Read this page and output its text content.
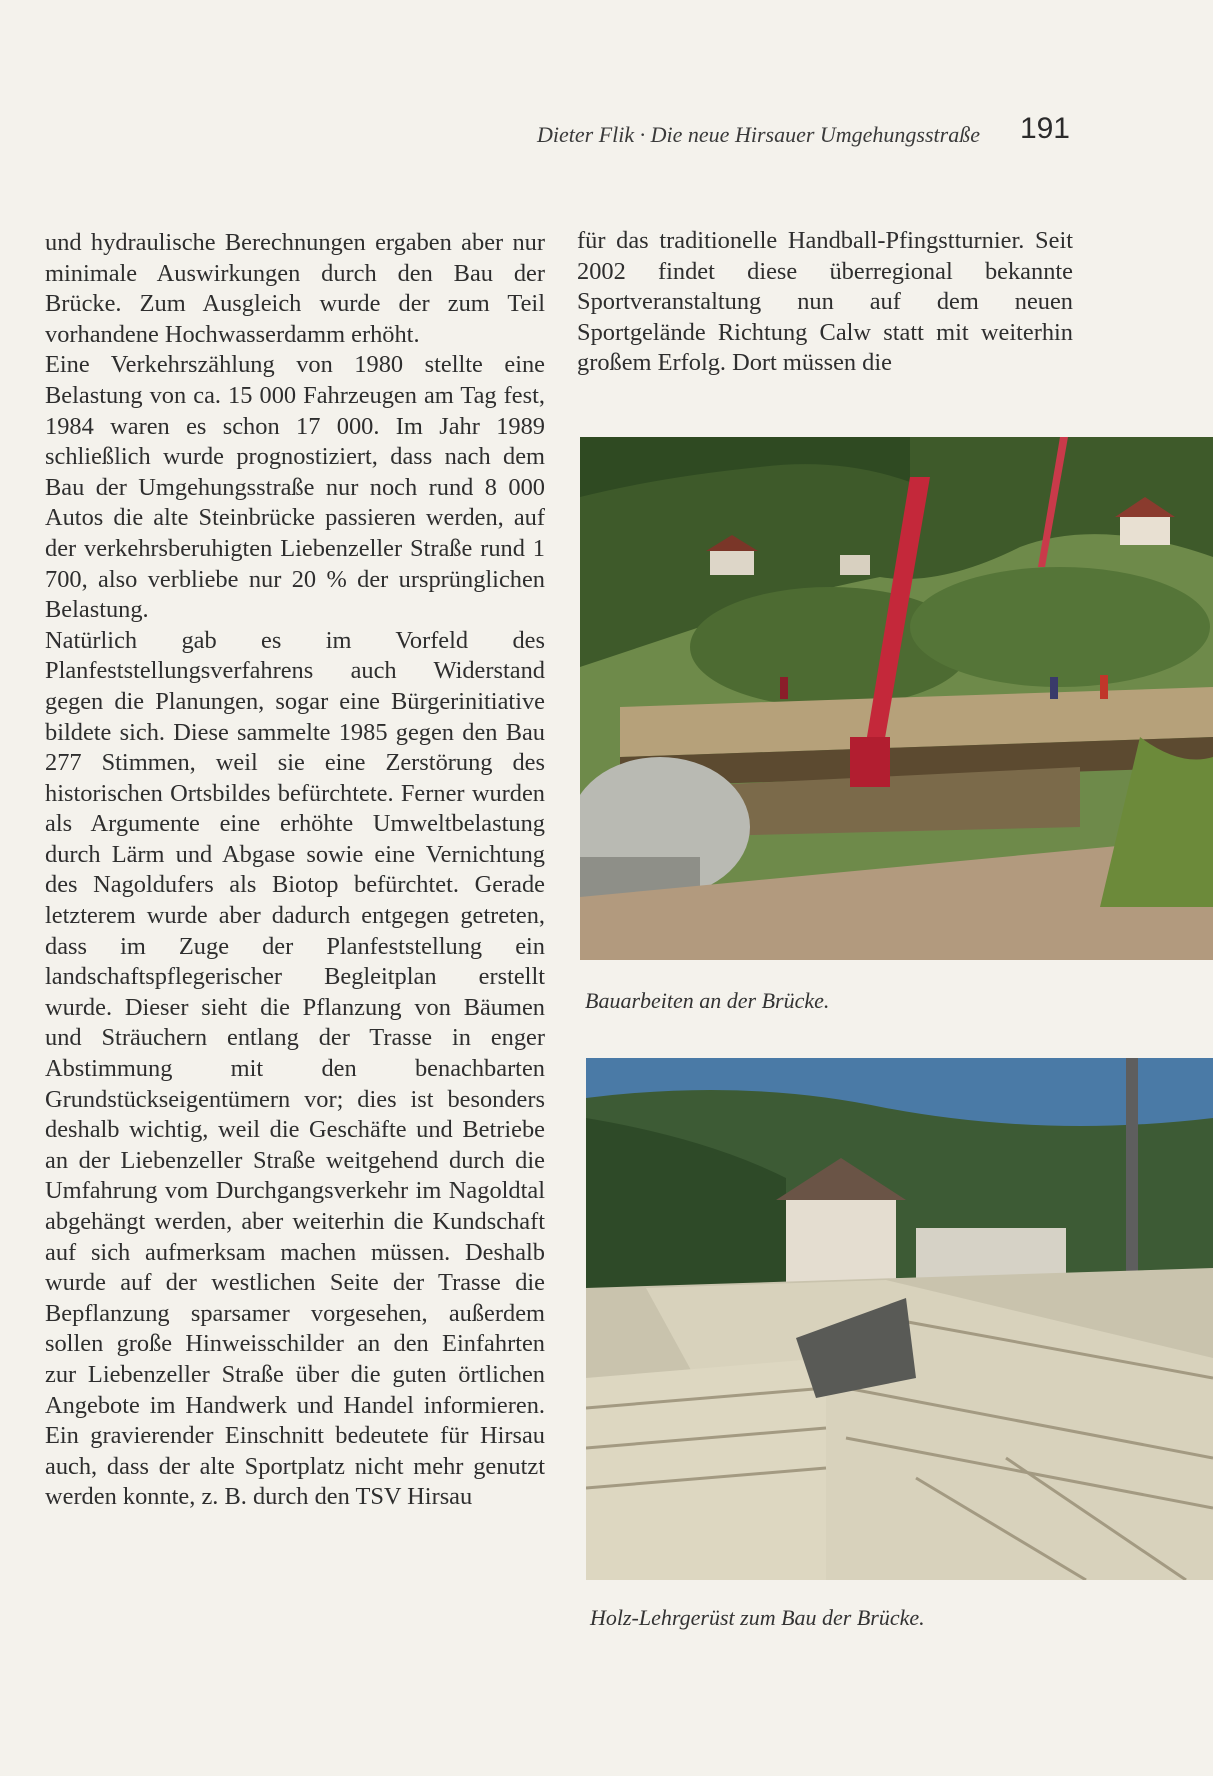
Dieter Flik · Die neue Hirsauer Umgehungsstraße 191

und hydraulische Berechnungen ergaben aber nur minimale Auswirkungen durch den Bau der Brücke. Zum Ausgleich wurde der zum Teil vorhandene Hochwasserdamm erhöht.

Eine Verkehrszählung von 1980 stellte eine Belastung von ca. 15 000 Fahrzeugen am Tag fest, 1984 waren es schon 17 000. Im Jahr 1989 schließlich wurde prognostiziert, dass nach dem Bau der Umgehungsstraße nur noch rund 8 000 Autos die alte Steinbrücke passieren werden, auf der verkehrsberuhigten Liebenzeller Straße rund 1 700, also verbliebe nur 20 % der ursprünglichen Belastung.

Natürlich gab es im Vorfeld des Planfeststellungsverfahrens auch Widerstand gegen die Planungen, sogar eine Bürgerinitiative bildete sich. Diese sammelte 1985 gegen den Bau 277 Stimmen, weil sie eine Zerstörung des historischen Ortsbildes befürchtete. Ferner wurden als Argumente eine erhöhte Umweltbelastung durch Lärm und Abgase sowie eine Vernichtung des Nagoldufers als Biotop befürchtet. Gerade letzterem wurde aber dadurch entgegen getreten, dass im Zuge der Planfeststellung ein landschaftspflegerischer Begleitplan erstellt wurde. Dieser sieht die Pflanzung von Bäumen und Sträuchern entlang der Trasse in enger Abstimmung mit den benachbarten Grundstückseigentümern vor; dies ist besonders deshalb wichtig, weil die Geschäfte und Betriebe an der Liebenzeller Straße weitgehend durch die Umfahrung vom Durchgangsverkehr im Nagoldtal abgehängt werden, aber weiterhin die Kundschaft auf sich aufmerksam machen müssen. Deshalb wurde auf der westlichen Seite der Trasse die Bepflanzung sparsamer vorgesehen, außerdem sollen große Hinweisschilder an den Einfahrten zur Liebenzeller Straße über die guten örtlichen Angebote im Handwerk und Handel informieren. Ein gravierender Einschnitt bedeutete für Hirsau auch, dass der alte Sportplatz nicht mehr genutzt werden konnte, z. B. durch den TSV Hirsau

für das traditionelle Handball-Pfingstturnier. Seit 2002 findet diese überregional bekannte Sportveranstaltung nun auf dem neuen Sportgelände Richtung Calw statt mit weiterhin großem Erfolg. Dort müssen die

Bauarbeiten an der Brücke.
Holz-Lehrgerüst zum Bau der Brücke.
